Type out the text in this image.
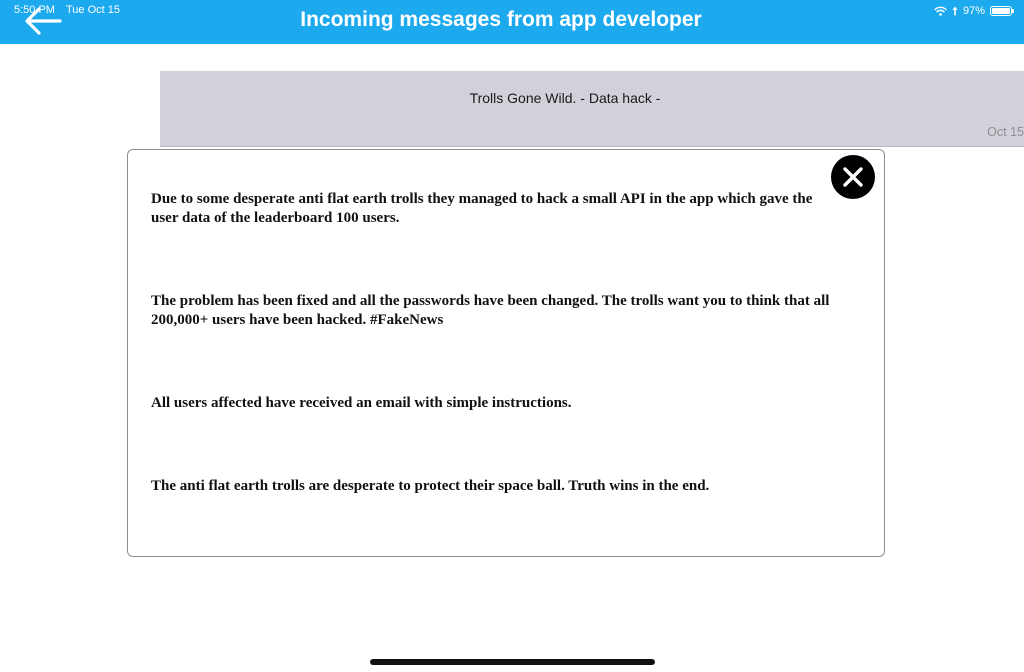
5:50 PM Tue Oct 15	Incoming messages from app developer	97%
Trolls Gone Wild. - Data hack -
Oct 15

Due to some desperate anti flat earth trolls they managed to hack a small API in the app which gave the user data of the leaderboard 100 users.

The problem has been fixed and all the passwords have been changed. The trolls want you to think that all 200,000+ users have been hacked. #FakeNews

All users affected have received an email with simple instructions.

The anti flat earth trolls are desperate to protect their space ball. Truth wins in the end.
